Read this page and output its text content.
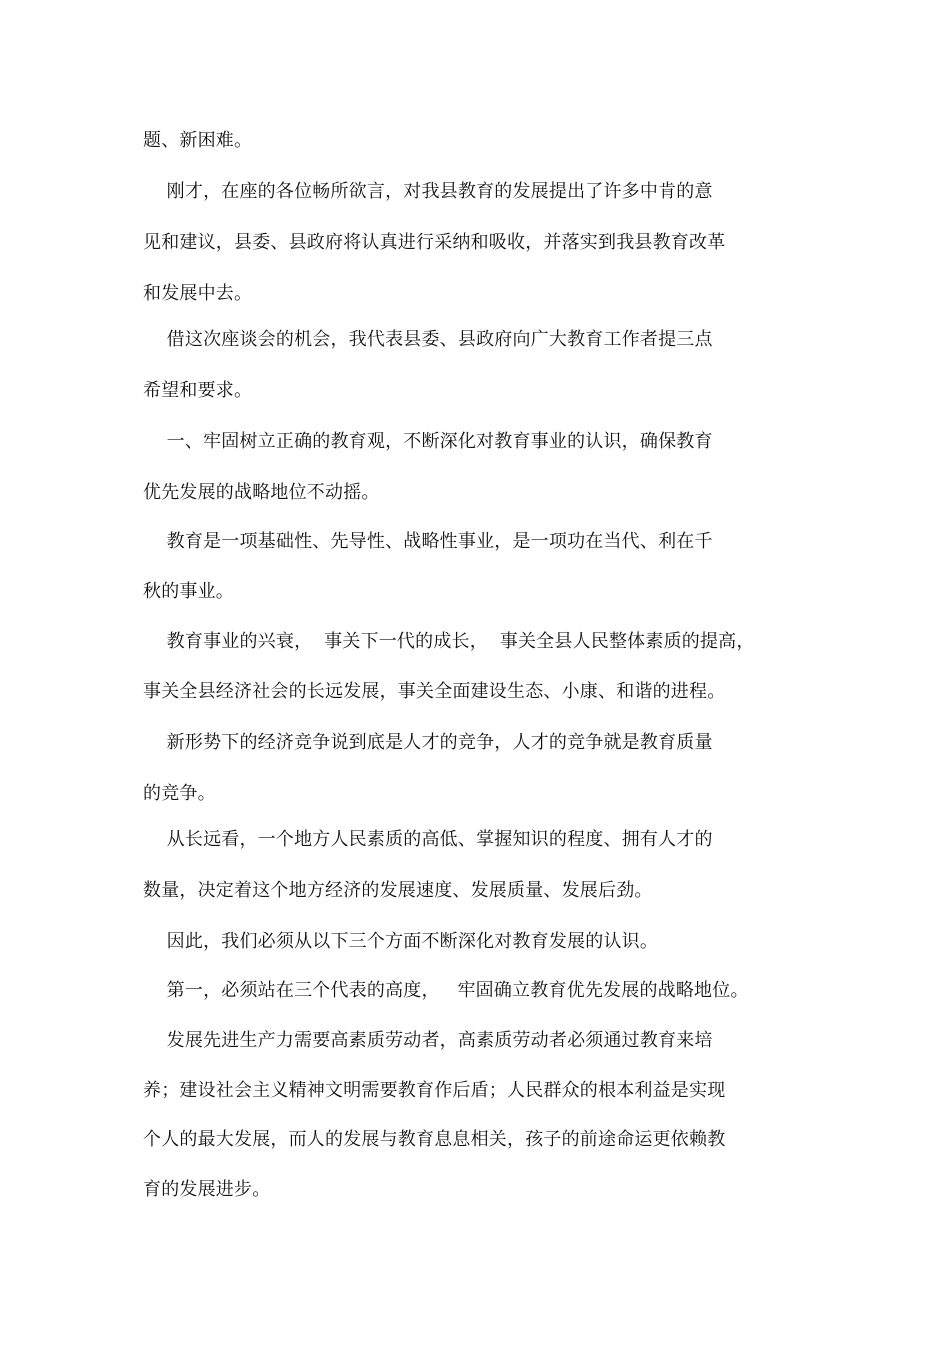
题、新困难。
刚才，在座的各位畅所欲言，对我县教育的发展提出了许多中肯的意
见和建议，县委、县政府将认真进行采纳和吸收，并落实到我县教育改革
和发展中去。
借这次座谈会的机会，我代表县委、县政府向广大教育工作者提三点
希望和要求。
一、牢固树立正确的教育观，不断深化对教育事业的认识，确保教育
优先发展的战略地位不动摇。
教育是一项基础性、先导性、战略性事业，是一项功在当代、利在千
秋的事业。
教育事业的兴衰，  事关下一代的成长，  事关全县人民整体素质的提高，
事关全县经济社会的长远发展，事关全面建设生态、小康、和谐的进程。
新形势下的经济竞争说到底是人才的竞争，人才的竞争就是教育质量
的竞争。
从长远看，一个地方人民素质的高低、掌握知识的程度、拥有人才的
数量，决定着这个地方经济的发展速度、发展质量、发展后劲。
因此，我们必须从以下三个方面不断深化对教育发展的认识。
第一，必须站在三个代表的高度，   牢固确立教育优先发展的战略地位。
发展先进生产力需要高素质劳动者，高素质劳动者必须通过教育来培
养；建设社会主义精神文明需要教育作后盾；人民群众的根本利益是实现
个人的最大发展，而人的发展与教育息息相关，孩子的前途命运更依赖教
育的发展进步。
